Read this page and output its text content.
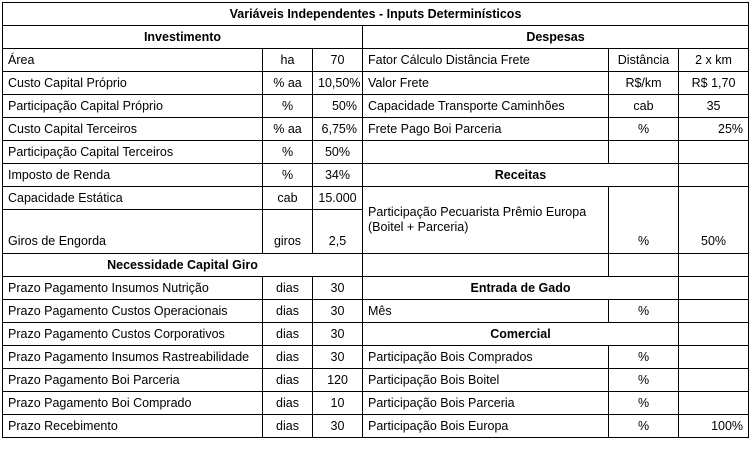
Variáveis Independentes - Inputs Determinísticos					
Investimento			Despesas		
Área	ha	70	Fator Cálculo Distância Frete	Distância	2 x km
Custo Capital Próprio	% aa	10,50%	Valor Frete	R$/km	R$ 1,70
Participação Capital Próprio	%	50%	Capacidade Transporte Caminhões	cab	35
Custo Capital Terceiros	% aa	6,75%	Frete Pago Boi Parceria	%	25%
Participação Capital Terceiros	%	50%			
Imposto de Renda	%	34%	Receitas		
Capacidade Estática	cab	15.000	Participação Pecuarista Prêmio Europa (Boitel + Parceria)	%	50%
Giros de Engorda	giros	2,5			
Necessidade Capital Giro					
Prazo Pagamento Insumos Nutrição	dias	30	Entrada de Gado		
Prazo Pagamento Custos Operacionais	dias	30	Mês	%	
Prazo Pagamento Custos Corporativos	dias	30	Comercial		
Prazo Pagamento Insumos Rastreabilidade	dias	30	Participação Bois Comprados	%	
Prazo Pagamento Boi Parceria	dias	120	Participação Bois Boitel	%	
Prazo Pagamento Boi Comprado	dias	10	Participação Bois Parceria	%	
Prazo Recebimento	dias	30	Participação Bois Europa	%	100%
